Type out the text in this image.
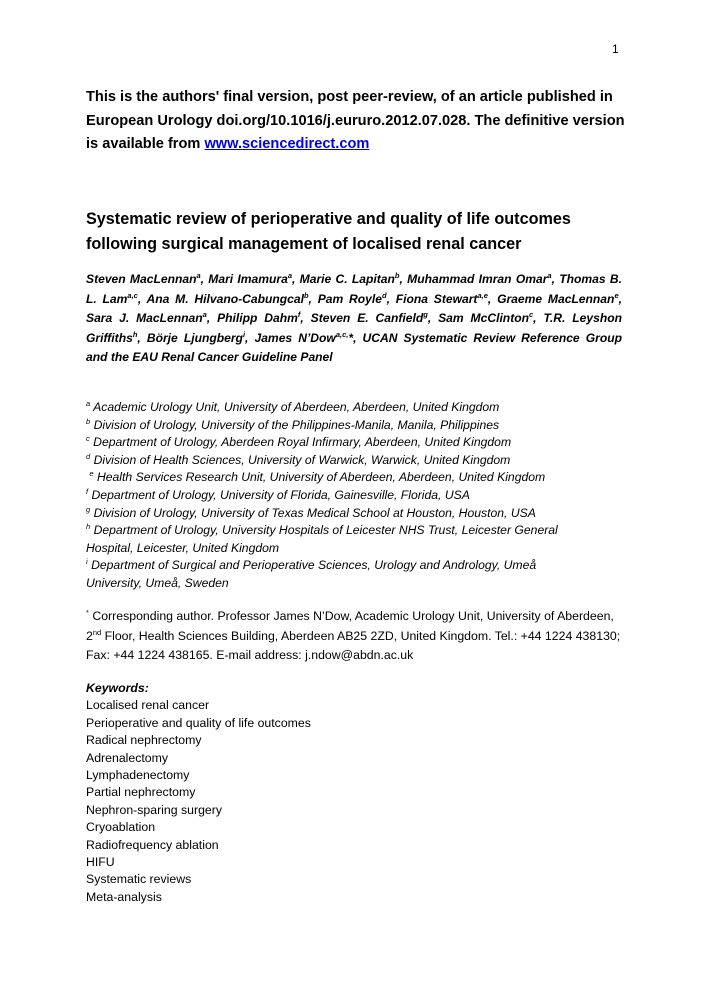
1
This is the authors' final version, post peer-review, of an article published in European Urology doi.org/10.1016/j.eururo.2012.07.028. The definitive version is available from www.sciencedirect.com
Systematic review of perioperative and quality of life outcomes following surgical management of localised renal cancer
Steven MacLennan$^a$, Mari Imamura$^a$, Marie C. Lapitan$^b$, Muhammad Imran Omar$^a$, Thomas B. L. Lam$^{a,c}$, Ana M. Hilvano-Cabungcal$^b$, Pam Royle$^d$, Fiona Stewart$^{a,e}$, Graeme MacLennan$^e$, Sara J. MacLennan$^a$, Philipp Dahm$^f$, Steven E. Canfield$^g$, Sam McClinton$^c$, T.R. Leyshon Griffiths$^h$, Börje Ljungberg$^i$, James N’Dow$^{a,c,}$*, UCAN Systematic Review Reference Group and the EAU Renal Cancer Guideline Panel
$^a$ Academic Urology Unit, University of Aberdeen, Aberdeen, United Kingdom
$^b$ Division of Urology, University of the Philippines-Manila, Manila, Philippines
$^c$ Department of Urology, Aberdeen Royal Infirmary, Aberdeen, United Kingdom
$^d$ Division of Health Sciences, University of Warwick, Warwick, United Kingdom
$^e$ Health Services Research Unit, University of Aberdeen, Aberdeen, United Kingdom
$^f$ Department of Urology, University of Florida, Gainesville, Florida, USA
$^g$ Division of Urology, University of Texas Medical School at Houston, Houston, USA
$^h$ Department of Urology, University Hospitals of Leicester NHS Trust, Leicester General
Hospital, Leicester, United Kingdom
$^i$ Department of Surgical and Perioperative Sciences, Urology and Andrology, Umeå
University, Umeå, Sweden
* Corresponding author. Professor James N’Dow, Academic Urology Unit, University of Aberdeen, 2nd Floor, Health Sciences Building, Aberdeen AB25 2ZD, United Kingdom. Tel.: +44 1224 438130; Fax: +44 1224 438165. E-mail address: j.ndow@abdn.ac.uk
Keywords:
Localised renal cancer
Perioperative and quality of life outcomes
Radical nephrectomy
Adrenalectomy
Lymphadenectomy
Partial nephrectomy
Nephron-sparing surgery
Cryoablation
Radiofrequency ablation
HIFU
Systematic reviews
Meta-analysis
